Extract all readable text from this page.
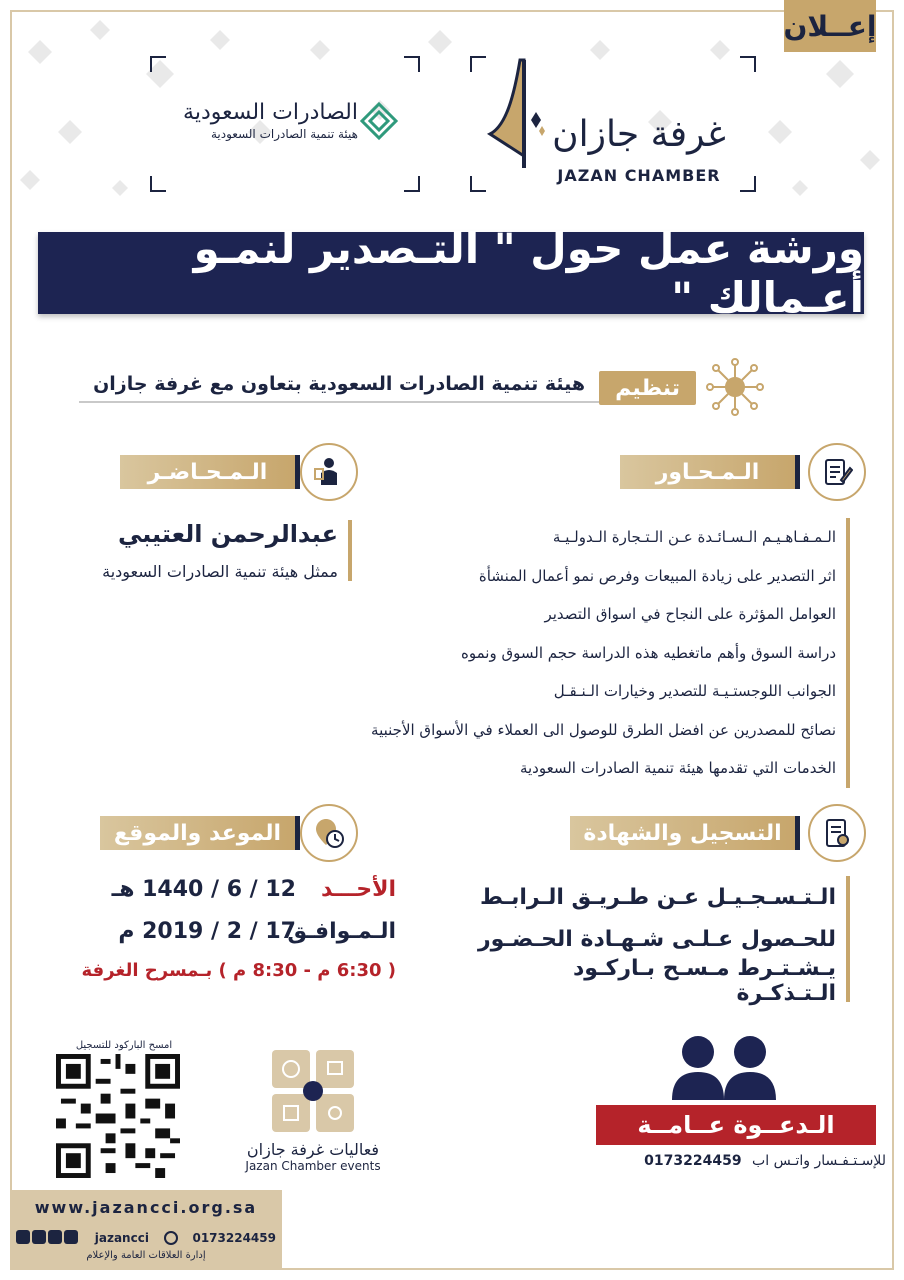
إعــلان
الصادرات السعودية
هيئة تنمية الصادرات السعودية	غرفة جازان
JAZAN CHAMBER
ورشة عمل حول " التـصدير لنمـو أعـمالك "
تنظيم
هيئة تنمية الصادرات السعودية بتعاون مع غرفة جازان
الـمـحـاور
الـمـفـاهـيـم الـسـائـدة عـن الـتـجارة الـدولـيـة
اثر التصدير على زيادة المبيعات وفرص نمو أعمال المنشأة
العوامل المؤثرة على النجاح في اسواق التصدير
دراسة السوق وأهم ماتغطيه هذه الدراسة حجم السوق ونموه
الجوانب اللوجستـيـة للتصدير وخيارات الـنـقـل
نصائح للمصدرين عن افضل الطرق للوصول الى العملاء في الأسواق الأجنبية
الخدمات التي تقدمها هيئة تنمية الصادرات السعودية
الـمـحـاضـر
عبدالرحمن العتيبي
ممثل هيئة تنمية الصادرات السعودية
التسجيل والشهادة
الـتـسـجـيـل عـن طـريـق الـرابـط
للحـصول عـلـى شـهـادة الحـضـور
يـشـتـرط مـسـح بـاركـود الـتـذكـرة
الموعد والموقع
الأحـــد
12 / 6 / 1440 هـ
الـمـوافـق
17 / 2 / 2019 م
( 6:30 م - 8:30 م ) بـمسرح الغرفة
الـدعــوة عــامــة
للإسـتـفـسار واتـس اب 0173224459
امسح الباركود للتسجيل
فعاليات غرفة جازان
Jazan Chamber events
www.jazancci.org.sa
jazancci	0173224459
إدارة العلاقات العامة والإعلام
